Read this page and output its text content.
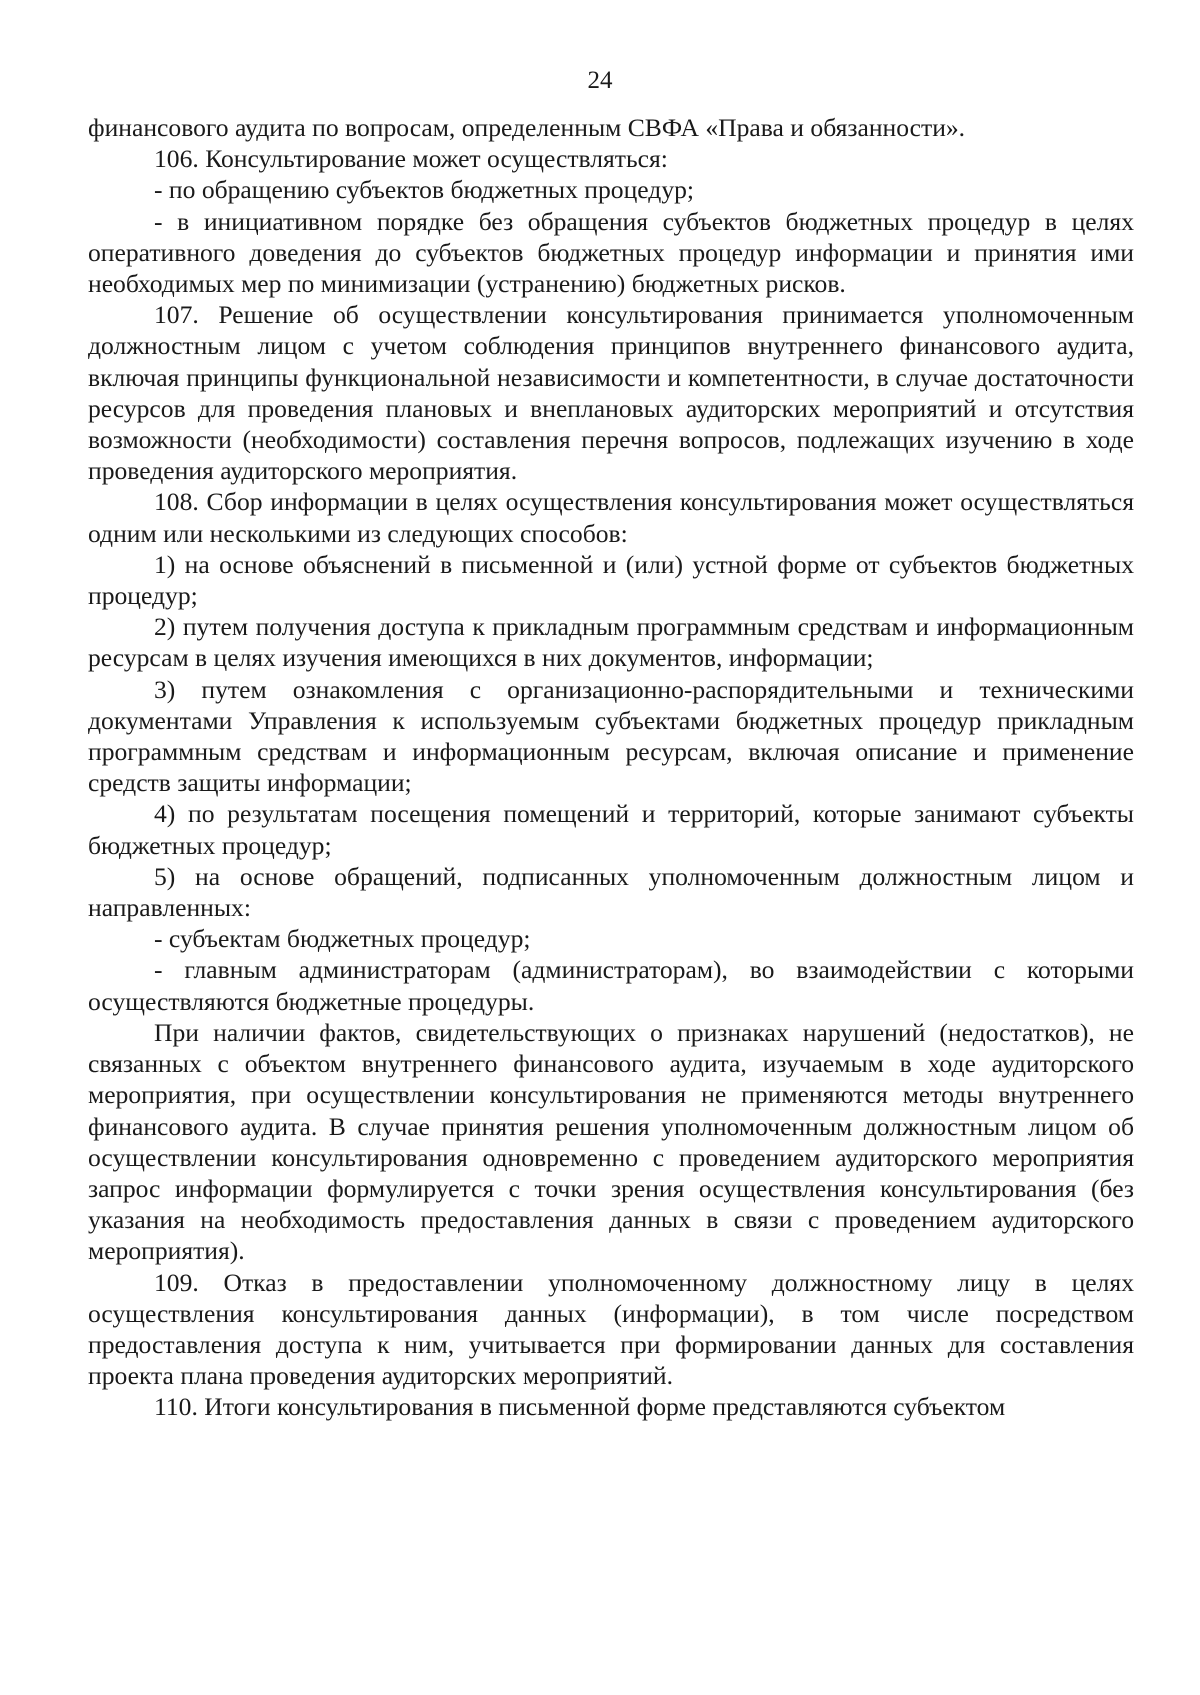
24

финансового аудита по вопросам, определенным СВФА «Права и обязанности».

106. Консультирование может осуществляться:

- по обращению субъектов бюджетных процедур;

- в инициативном порядке без обращения субъектов бюджетных процедур в целях оперативного доведения до субъектов бюджетных процедур информации и принятия ими необходимых мер по минимизации (устранению) бюджетных рисков.

107. Решение об осуществлении консультирования принимается уполномоченным должностным лицом с учетом соблюдения принципов внутреннего финансового аудита, включая принципы функциональной независимости и компетентности, в случае достаточности ресурсов для проведения плановых и внеплановых аудиторских мероприятий и отсутствия возможности (необходимости) составления перечня вопросов, подлежащих изучению в ходе проведения аудиторского мероприятия.

108. Сбор информации в целях осуществления консультирования может осуществляться одним или несколькими из следующих способов:

1) на основе объяснений в письменной и (или) устной форме от субъектов бюджетных процедур;

2) путем получения доступа к прикладным программным средствам и информационным ресурсам в целях изучения имеющихся в них документов, информации;

3) путем ознакомления с организационно-распорядительными и техническими документами Управления к используемым субъектами бюджетных процедур прикладным программным средствам и информационным ресурсам, включая описание и применение средств защиты информации;

4) по результатам посещения помещений и территорий, которые занимают субъекты бюджетных процедур;

5) на основе обращений, подписанных уполномоченным должностным лицом и направленных:

- субъектам бюджетных процедур;

- главным администраторам (администраторам), во взаимодействии с которыми осуществляются бюджетные процедуры.

При наличии фактов, свидетельствующих о признаках нарушений (недостатков), не связанных с объектом внутреннего финансового аудита, изучаемым в ходе аудиторского мероприятия, при осуществлении консультирования не применяются методы внутреннего финансового аудита. В случае принятия решения уполномоченным должностным лицом об осуществлении консультирования одновременно с проведением аудиторского мероприятия запрос информации формулируется с точки зрения осуществления консультирования (без указания на необходимость предоставления данных в связи с проведением аудиторского мероприятия).

109. Отказ в предоставлении уполномоченному должностному лицу в целях осуществления консультирования данных (информации), в том числе посредством предоставления доступа к ним, учитывается при формировании данных для составления проекта плана проведения аудиторских мероприятий.

110. Итоги консультирования в письменной форме представляются субъектом
